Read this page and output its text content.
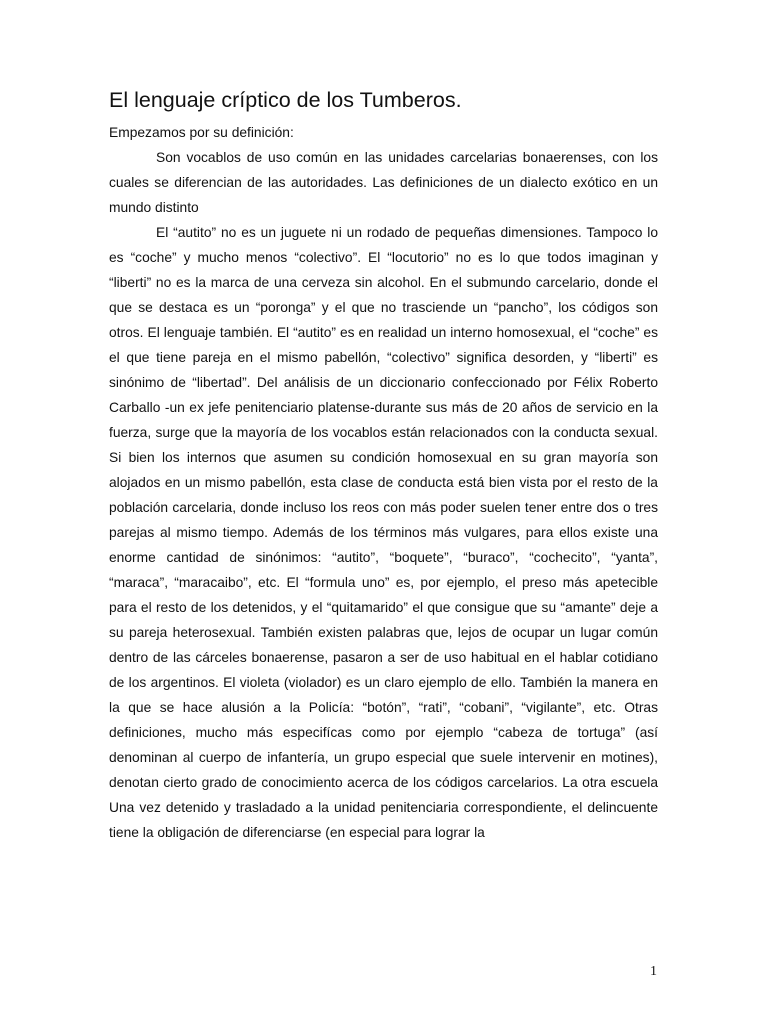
El lenguaje críptico de los Tumberos.

Empezamos por su definición:

Son vocablos de uso común en las unidades carcelarias bonaerenses, con los cuales se diferencian de las autoridades. Las definiciones de un dialecto exótico en un mundo distinto

El “autito” no es un juguete ni un rodado de pequeñas dimensiones. Tampoco lo es “coche” y mucho menos “colectivo”. El “locutorio” no es lo que todos imaginan y “liberti” no es la marca de una cerveza sin alcohol. En el submundo carcelario, donde el que se destaca es un “poronga” y el que no trasciende un “pancho”, los códigos son otros. El lenguaje también. El “autito” es en realidad un interno homosexual, el “coche” es el que tiene pareja en el mismo pabellón, “colectivo” significa desorden, y “liberti” es sinónimo de “libertad”. Del análisis de un diccionario confeccionado por Félix Roberto Carballo -un ex jefe penitenciario platense-durante sus más de 20 años de servicio en la fuerza, surge que la mayoría de los vocablos están relacionados con la conducta sexual. Si bien los internos que asumen su condición homosexual en su gran mayoría son alojados en un mismo pabellón, esta clase de conducta está bien vista por el resto de la población carcelaria, donde incluso los reos con más poder suelen tener entre dos o tres parejas al mismo tiempo. Además de los términos más vulgares, para ellos existe una enorme cantidad de sinónimos: “autito”, “boquete”, “buraco”, “cochecito”, “yanta”, “maraca”, “maracaibo”, etc. El “formula uno” es, por ejemplo, el preso más apetecible para el resto de los detenidos, y el “quitamarido” el que consigue que su “amante” deje a su pareja heterosexual. También existen palabras que, lejos de ocupar un lugar común dentro de las cárceles bonaerense, pasaron a ser de uso habitual en el hablar cotidiano de los argentinos. El violeta (violador) es un claro ejemplo de ello. También la manera en la que se hace alusión a la Policía: “botón”, “rati”, “cobani”, “vigilante”, etc. Otras definiciones, mucho más especifícas como por ejemplo “cabeza de tortuga” (así denominan al cuerpo de infantería, un grupo especial que suele intervenir en motines), denotan cierto grado de conocimiento acerca de los códigos carcelarios. La otra escuela Una vez detenido y trasladado a la unidad penitenciaria correspondiente, el delincuente tiene la obligación de diferenciarse (en especial para lograr la

1
